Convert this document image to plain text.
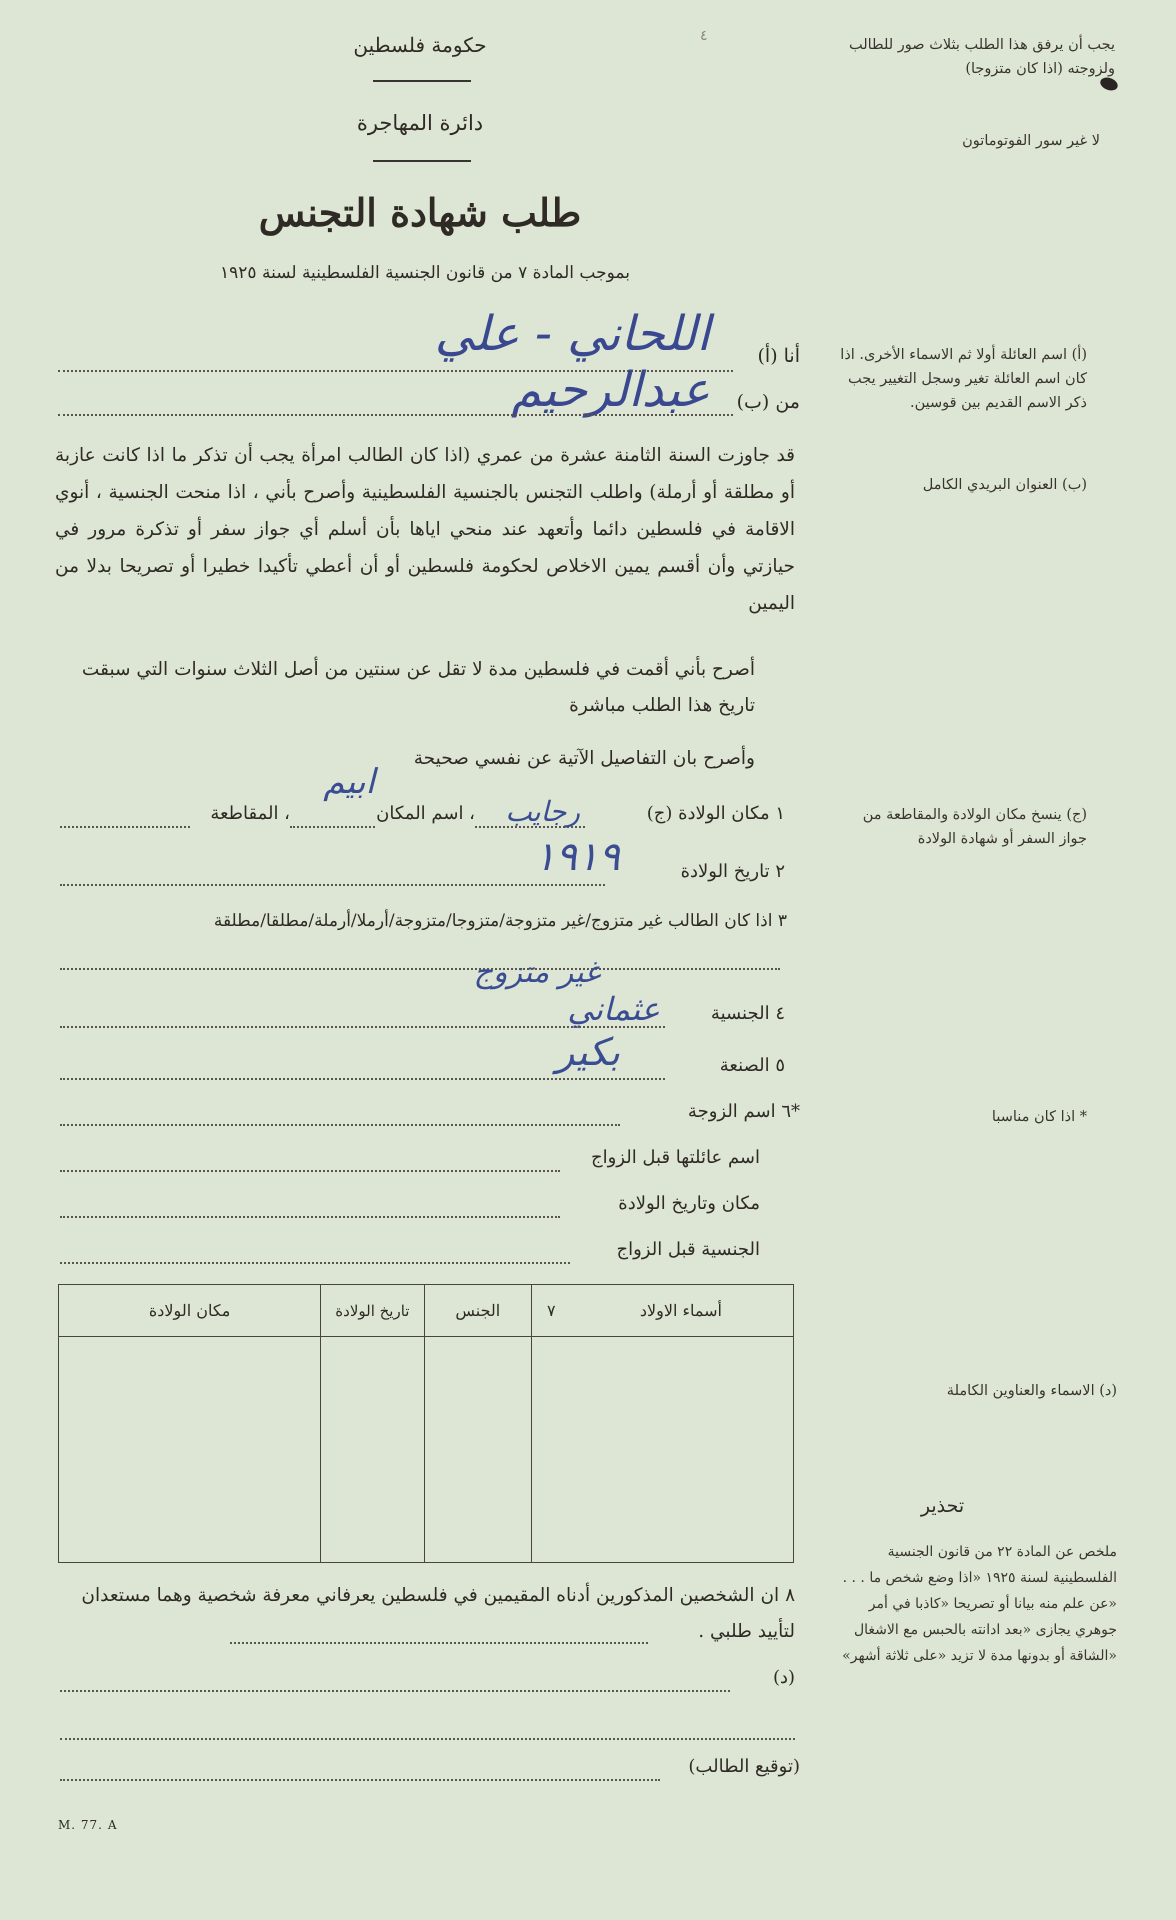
٤
حكومة فلسطين
دائرة المهاجرة
طلب شهادة التجنس
بموجب المادة ٧ من قانون الجنسية الفلسطينية لسنة ١٩٢٥
يجب أن يرفق هذا الطلب بثلاث صور للطالب ولزوجته (اذا كان متزوجا)
لا غير سور الفوتوماتون
(أ) اسم العائلة أولا ثم الاسماء الأخرى. اذا كان اسم العائلة تغير وسجل التغيير يجب ذكر الاسم القديم بين قوسين.
(ب) العنوان البريدي الكامل
(ج) ينسخ مكان الولادة والمقاطعة من جواز السفر أو شهادة الولادة
* اذا كان مناسبا
(د) الاسماء والعناوين الكاملة
تحذير
ملخص عن المادة ٢٢ من قانون الجنسية الفلسطينية لسنة ١٩٢٥ «اذا وضع شخص ما . . . «عن علم منه بيانا أو تصريحا «كاذبا في أمر جوهري يجازى «بعد ادانته بالحبس مع الاشغال «الشاقة أو بدونها مدة لا تزيد «على ثلاثة أشهر»
أنا (أ)
اللحاني - علي عبدالرحيم	من (ب)
قد جاوزت السنة الثامنة عشرة من عمري (اذا كان الطالب امرأة يجب أن تذكر ما اذا كانت عازبة أو مطلقة أو أرملة) واطلب التجنس بالجنسية الفلسطينية وأصرح بأني ، اذا منحت الجنسية ، أنوي الاقامة في فلسطين دائما وأتعهد عند منحي اياها بأن أسلم أي جواز سفر أو تذكرة مرور في حيازتي وأن أقسم يمين الاخلاص لحكومة فلسطين أو أن أعطي تأكيدا خطيرا أو تصريحا بدلا من اليمين
أصرح بأني أقمت في فلسطين مدة لا تقل عن سنتين من أصل الثلاث سنوات التي سبقت تاريخ هذا الطلب مباشرة
وأصرح بان التفاصيل الآتية عن نفسي صحيحة
١ مكان الولادة (ج)
، اسم المكان
، المقاطعة	رجايب
ابيم
٢ تاريخ الولادة
١٩١٩
٣ اذا كان الطالب غير متزوج/غير متزوجة/متزوجا/متزوجة/أرملا/أرملة/مطلقا/مطلقة
غير متزوج
٤ الجنسية
عثماني
٥ الصنعة
بكير
*٦ اسم الزوجة
اسم عائلتها قبل الزواج
مكان وتاريخ الولادة
الجنسية قبل الزواج
مكان الولادة	تاريخ الولادة	الجنس	٧ أسماء الاولاد

٨ ان الشخصين المذكورين أدناه المقيمين في فلسطين يعرفاني معرفة شخصية وهما مستعدان لتأييد طلبي .
(د)
(توقيع الطالب)
M. 77. A
